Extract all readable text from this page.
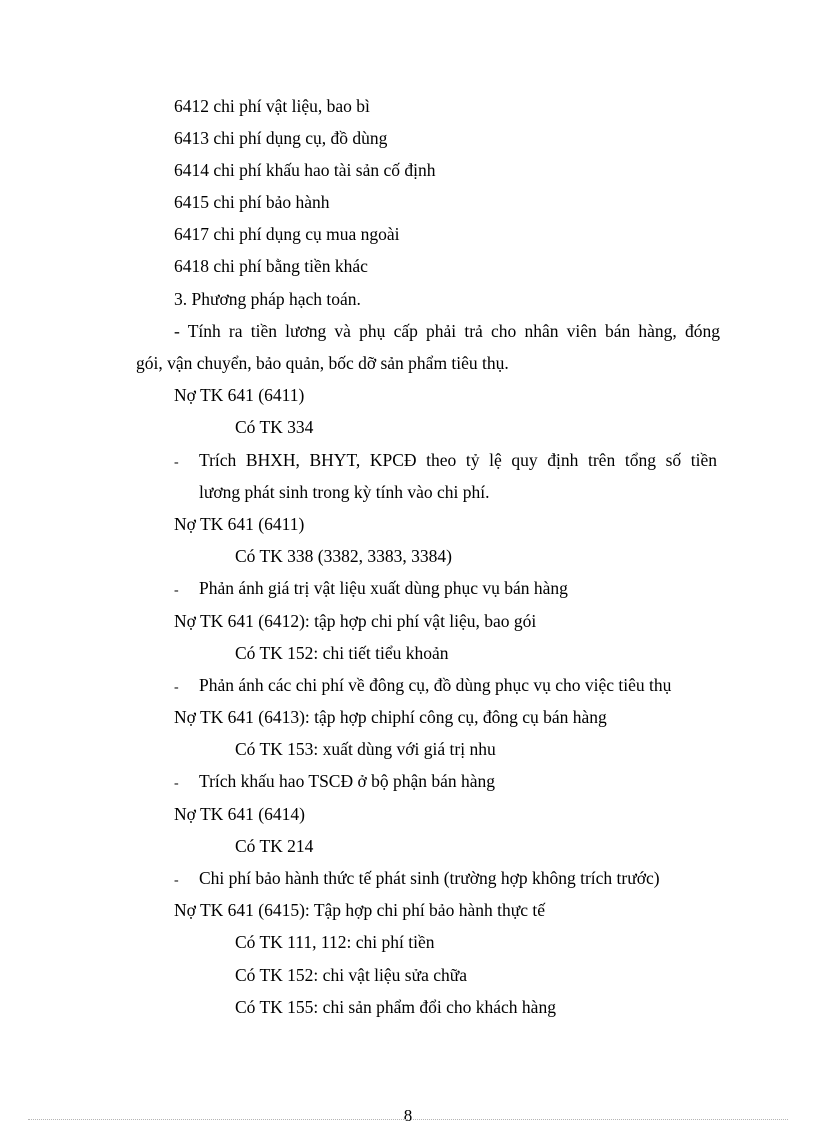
6412 chi phí vật liệu, bao bì
6413 chi phí dụng cụ, đồ dùng
6414 chi phí khấu hao tài sản cố định
6415 chi phí bảo hành
6417 chi phí dụng cụ mua ngoài
6418 chi phí bằng tiền khác
3. Phương pháp hạch toán.
- Tính ra tiền lương và phụ cấp phải trả cho nhân viên bán hàng, đóng
gói, vận chuyển, bảo quản, bốc dỡ sản phẩm tiêu thụ.
Nợ TK 641 (6411)
Có TK 334
- Trích BHXH, BHYT, KPCĐ theo tỷ lệ quy định trên tổng số tiền
lương phát sinh trong kỳ tính vào chi phí.
Nợ TK 641 (6411)
Có TK 338 (3382, 3383, 3384)
- Phản ánh giá trị vật liệu xuất dùng phục vụ bán hàng
Nợ TK 641 (6412): tập hợp chi phí vật liệu, bao gói
Có TK 152: chi tiết tiểu khoản
- Phản ánh các chi phí về đông cụ, đồ dùng phục vụ cho việc tiêu thụ
Nợ TK 641 (6413): tập hợp chiphí công cụ, đông cụ bán hàng
Có TK 153: xuất dùng với giá trị nhu
- Trích khấu hao TSCĐ ở bộ phận bán hàng
Nợ TK 641 (6414)
Có TK 214
- Chi phí bảo hành thức tế phát sinh (trường hợp không trích trước)
Nợ TK 641 (6415): Tập hợp chi phí bảo hành thực tế
Có TK 111, 112: chi phí tiền
Có TK 152: chi vật liệu sửa chữa
Có TK 155: chi sản phẩm đổi cho khách hàng
8
